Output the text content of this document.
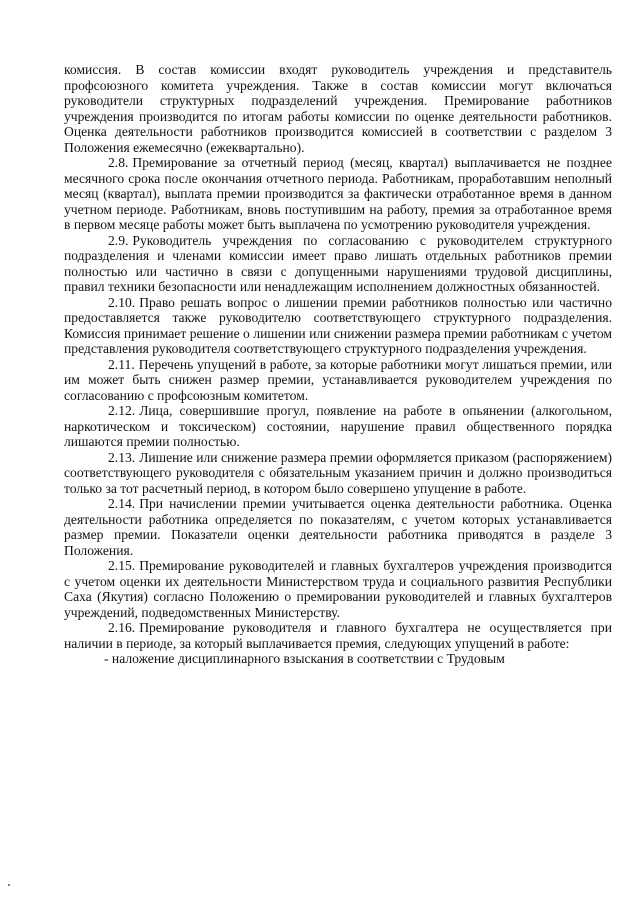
комиссия. В состав комиссии входят руководитель учреждения и представитель профсоюзного комитета учреждения. Также в состав комиссии могут включаться руководители структурных подразделений учреждения. Премирование работников учреждения производится по итогам работы комиссии по оценке деятельности работников. Оценка деятельности работников производится комиссией в соответствии с разделом 3 Положения ежемесячно (ежеквартально).

2.8. Премирование за отчетный период (месяц, квартал) выплачивается не позднее месячного срока после окончания отчетного периода. Работникам, проработавшим неполный месяц (квартал), выплата премии производится за фактически отработанное время в данном учетном периоде. Работникам, вновь поступившим на работу, премия за отработанное время в первом месяце работы может быть выплачена по усмотрению руководителя учреждения.

2.9. Руководитель учреждения по согласованию с руководителем структурного подразделения и членами комиссии имеет право лишать отдельных работников премии полностью или частично в связи с допущенными нарушениями трудовой дисциплины, правил техники безопасности или ненадлежащим исполнением должностных обязанностей.

2.10. Право решать вопрос о лишении премии работников полностью или частично предоставляется также руководителю соответствующего структурного подразделения. Комиссия принимает решение о лишении или снижении размера премии работникам с учетом представления руководителя соответствующего структурного подразделения учреждения.

2.11. Перечень упущений в работе, за которые работники могут лишаться премии, или им может быть снижен размер премии, устанавливается руководителем учреждения по согласованию с профсоюзным комитетом.

2.12. Лица, совершившие прогул, появление на работе в опьянении (алкогольном, наркотическом и токсическом) состоянии, нарушение правил общественного порядка лишаются премии полностью.

2.13. Лишение или снижение размера премии оформляется приказом (распоряжением) соответствующего руководителя с обязательным указанием причин и должно производиться только за тот расчетный период, в котором было совершено упущение в работе.

2.14. При начислении премии учитывается оценка деятельности работника. Оценка деятельности работника определяется по показателям, с учетом которых устанавливается размер премии. Показатели оценки деятельности работника приводятся в разделе 3 Положения.

2.15. Премирование руководителей и главных бухгалтеров учреждения производится с учетом оценки их деятельности Министерством труда и социального развития Республики Саха (Якутия) согласно Положению о премировании руководителей и главных бухгалтеров учреждений, подведомственных Министерству.

2.16. Премирование руководителя и главного бухгалтера не осуществляется при наличии в периоде, за который выплачивается премия, следующих упущений в работе:

- наложение дисциплинарного взыскания в соответствии с Трудовым
